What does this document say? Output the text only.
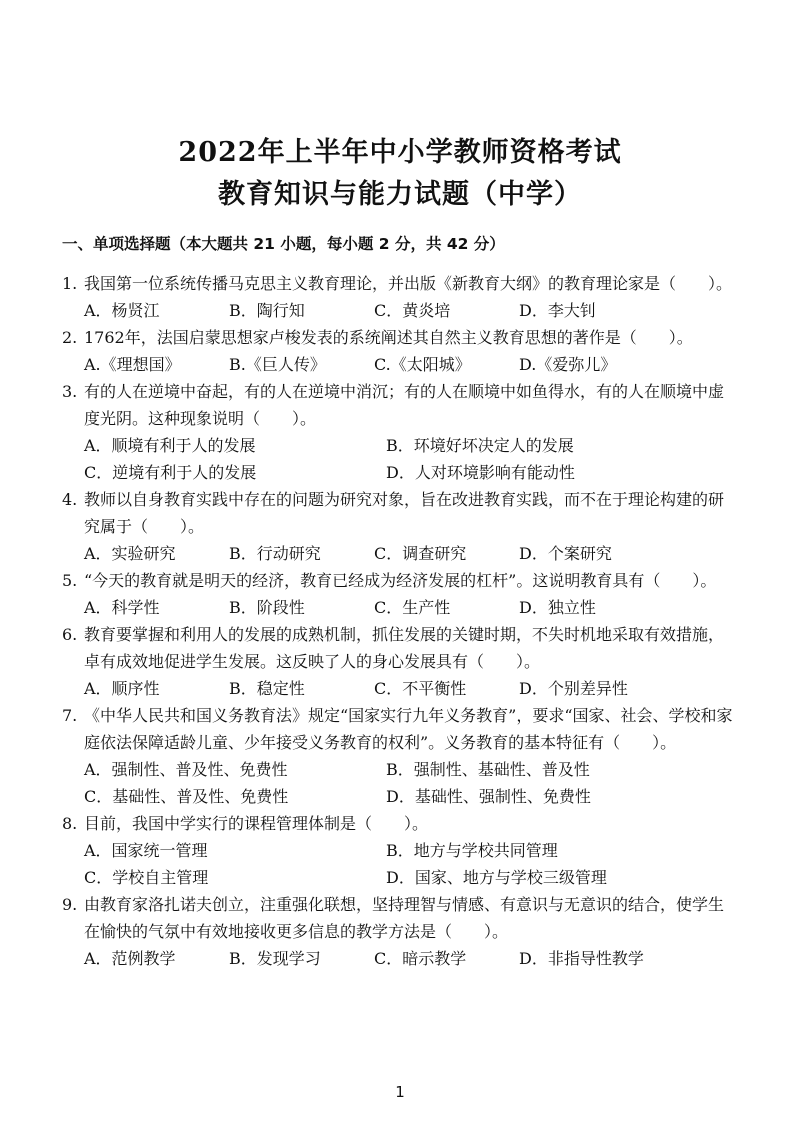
2022年上半年中小学教师资格考试
教育知识与能力试题（中学）
一、单项选择题（本大题共 21 小题，每小题 2 分，共 42 分）
1. 我国第一位系统传播马克思主义教育理论，并出版《新教育大纲》的教育理论家是（　　）。
A．杨贤江	B．陶行知	C．黄炎培	D．李大钊
2. 1762年，法国启蒙思想家卢梭发表的系统阐述其自然主义教育思想的著作是（　　）。
A.《理想国》	B.《巨人传》	C.《太阳城》	D.《爱弥儿》
3. 有的人在逆境中奋起，有的人在逆境中消沉；有的人在顺境中如鱼得水，有的人在顺境中虚度光阴。这种现象说明（　　）。
A．顺境有利于人的发展	B．环境好坏决定人的发展
C．逆境有利于人的发展	D．人对环境影响有能动性
4. 教师以自身教育实践中存在的问题为研究对象，旨在改进教育实践，而不在于理论构建的研究属于（　　）。
A．实验研究	B．行动研究	C．调查研究	D．个案研究
5. “今天的教育就是明天的经济，教育已经成为经济发展的杠杆”。这说明教育具有（　　）。
A．科学性	B．阶段性	C．生产性	D．独立性
6. 教育要掌握和利用人的发展的成熟机制，抓住发展的关键时期，不失时机地采取有效措施，卓有成效地促进学生发展。这反映了人的身心发展具有（　　）。
A．顺序性	B．稳定性	C．不平衡性	D．个别差异性
7. 《中华人民共和国义务教育法》规定“国家实行九年义务教育”，要求“国家、社会、学校和家庭依法保障适龄儿童、少年接受义务教育的权利”。义务教育的基本特征有（　　）。
A．强制性、普及性、免费性	B．强制性、基础性、普及性
C．基础性、普及性、免费性	D．基础性、强制性、免费性
8. 目前，我国中学实行的课程管理体制是（　　）。
A．国家统一管理	B．地方与学校共同管理
C．学校自主管理	D．国家、地方与学校三级管理
9. 由教育家洛扎诺夫创立，注重强化联想，坚持理智与情感、有意识与无意识的结合，使学生在愉快的气氛中有效地接收更多信息的教学方法是（　　）。
A．范例教学	B．发现学习	C．暗示教学	D．非指导性教学
1
